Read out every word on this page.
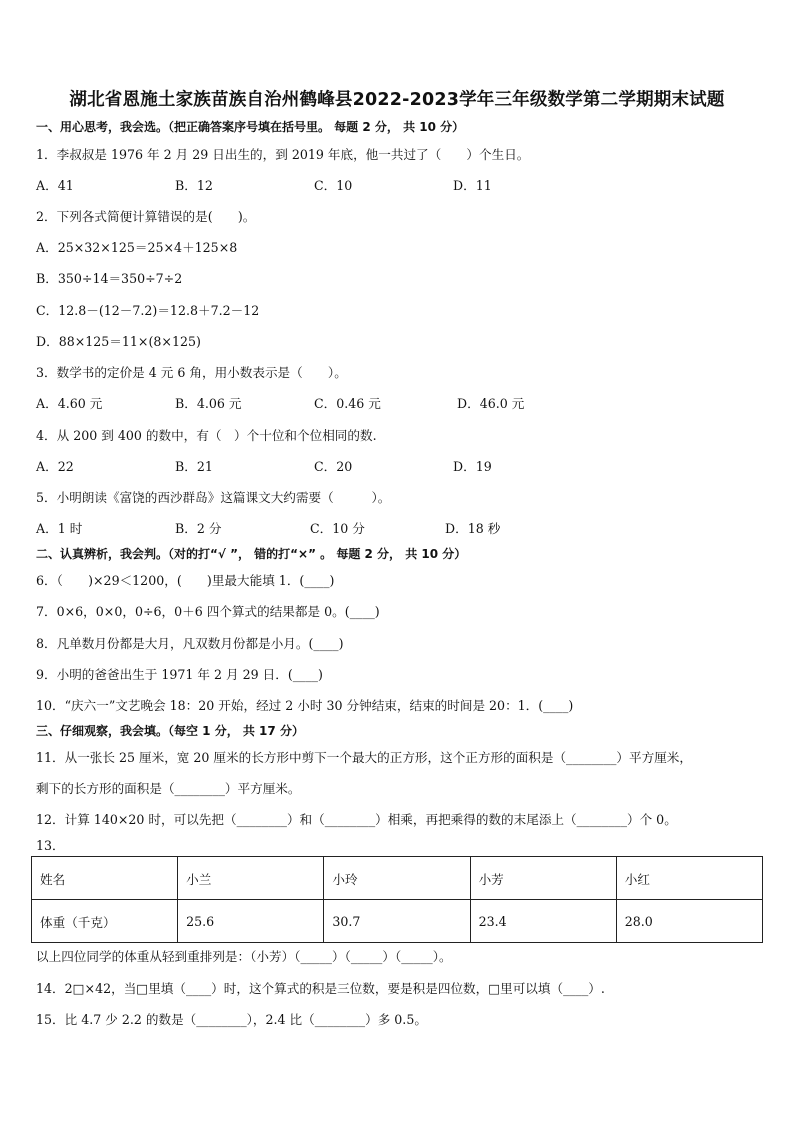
湖北省恩施土家族苗族自治州鹤峰县2022-2023学年三年级数学第二学期期末试题
一、用心思考，我会选。（把正确答案序号填在括号里。 每题 2 分， 共 10 分）
1．李叔叔是 1976 年 2 月 29 日出生的，到 2019 年底，他一共过了（　　）个生日。
A．41	B．12	C．10	D．11
2．下列各式简便计算错误的是(　　)。
A．25×32×125＝25×4＋125×8
B．350÷14＝350÷7÷2
C．12.8－(12－7.2)＝12.8＋7.2－12
D．88×125＝11×(8×125)
3．数学书的定价是 4 元 6 角，用小数表示是（　　）。
A．4.60 元	B．4.06 元	C．0.46 元	D．46.0 元
4．从 200 到 400 的数中，有（　）个十位和个位相同的数.
A．22	B．21	C．20	D．19
5．小明朗读《富饶的西沙群岛》这篇课文大约需要（　　　）。
A．1 时	B．2 分	C．10 分	D．18 秒
二、认真辨析，我会判。（对的打“√ ”， 错的打“×” 。 每题 2 分， 共 10 分）
6．（　　)×29＜1200，(　　)里最大能填 1．(____)
7．0×6，0×0，0÷6，0＋6 四个算式的结果都是 0。(____)
8．凡单数月份都是大月，凡双数月份都是小月。(____)
9．小明的爸爸出生于 1971 年 2 月 29 日．(____)
10．“庆六一”文艺晚会 18：20 开始，经过 2 小时 30 分钟结束，结束的时间是 20：1．(____)
三、仔细观察，我会填。（每空 1 分， 共 17 分）
11．从一张长 25 厘米，宽 20 厘米的长方形中剪下一个最大的正方形，这个正方形的面积是（________）平方厘米，
剩下的长方形的面积是（________）平方厘米。
12．计算 140×20 时，可以先把（________）和（________）相乘，再把乘得的数的末尾添上（________）个 0。
13．
姓名	小兰	小玲	小芳	小红
体重（千克）	25.6	30.7	23.4	28.0
以上四位同学的体重从轻到重排列是：（小芳）（_____）（_____）（_____）。
14．2□×42，当□里填（____）时，这个算式的积是三位数，要是积是四位数，□里可以填（____）.
15．比 4.7 少 2.2 的数是（________），2.4 比（________）多 0.5。
